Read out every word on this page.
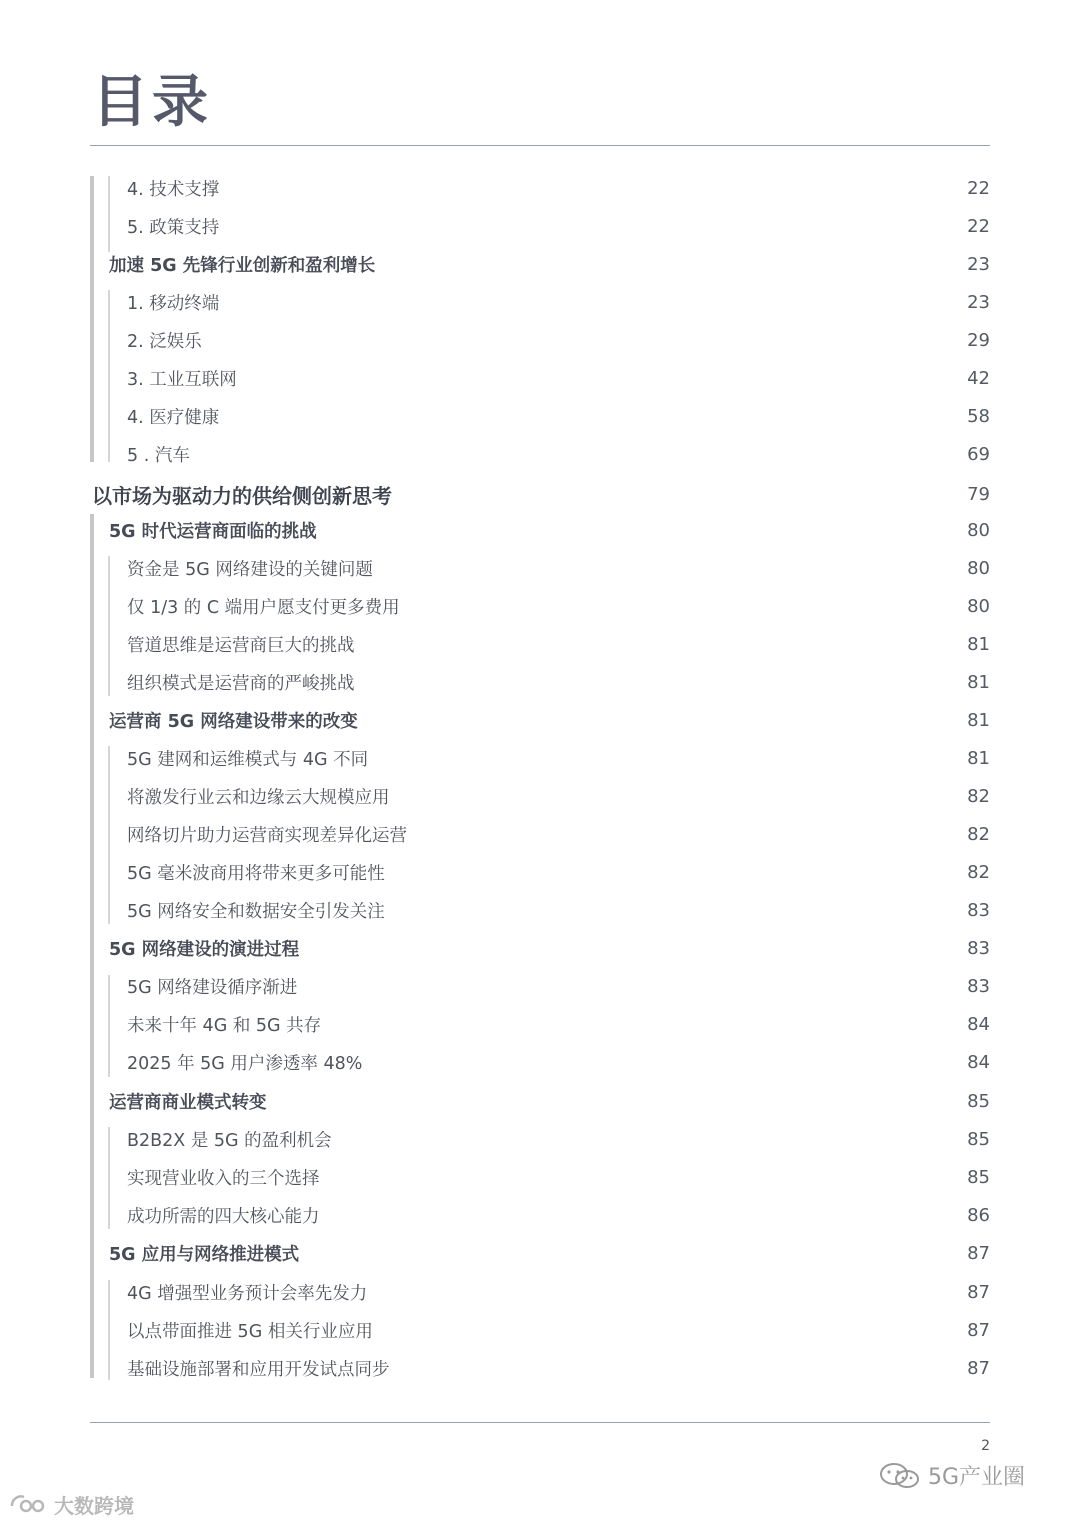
目录
4. 技术支撑	22
5. 政策支持	22
加速 5G 先锋行业创新和盈利增长	23
1. 移动终端	23
2. 泛娱乐	29
3. 工业互联网	42
4. 医疗健康	58
5 . 汽车	69
以市场为驱动力的供给侧创新思考	79
5G 时代运营商面临的挑战	80
资金是 5G 网络建设的关键问题	80
仅 1/3 的 C 端用户愿支付更多费用	80
管道思维是运营商巨大的挑战	81
组织模式是运营商的严峻挑战	81
运营商 5G 网络建设带来的改变	81
5G 建网和运维模式与 4G 不同	81
将激发行业云和边缘云大规模应用	82
网络切片助力运营商实现差异化运营	82
5G 毫米波商用将带来更多可能性	82
5G 网络安全和数据安全引发关注	83
5G 网络建设的演进过程	83
5G 网络建设循序渐进	83
未来十年 4G 和 5G 共存	84
2025 年 5G 用户渗透率 48%	84
运营商商业模式转变	85
B2B2X 是 5G 的盈利机会	85
实现营业收入的三个选择	85
成功所需的四大核心能力	86
5G 应用与网络推进模式	87
4G 增强型业务预计会率先发力	87
以点带面推进 5G 相关行业应用	87
基础设施部署和应用开发试点同步	87
2
大数跨境
5G产业圈
